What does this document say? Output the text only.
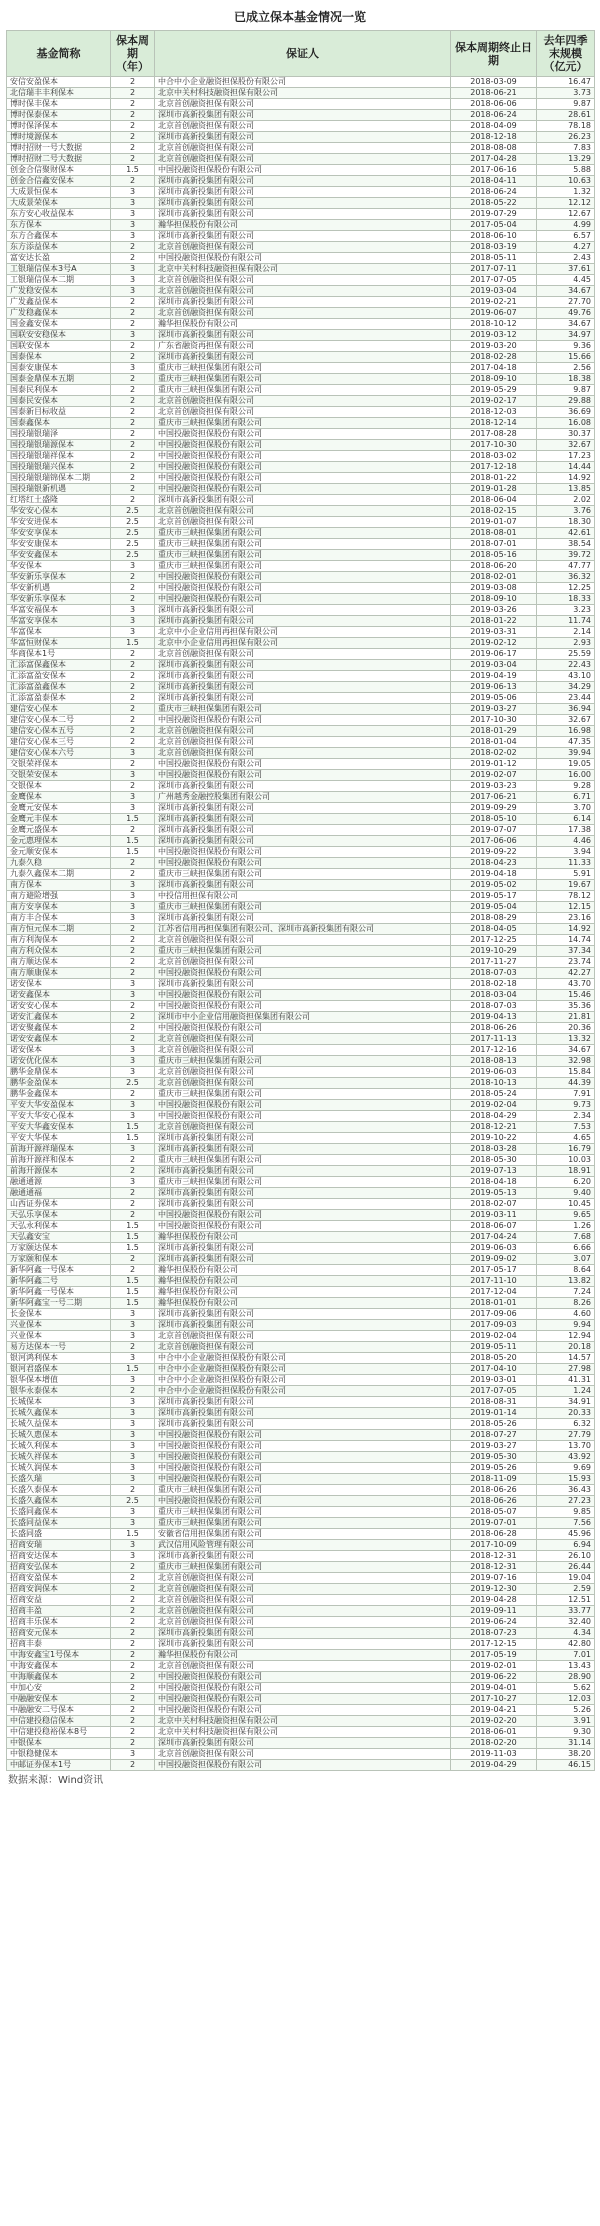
已成立保本基金情况一览
基金简称	保本周期（年）	保证人	保本周期终止日期	去年四季末规模（亿元）
安信安盈保本	2	中合中小企业融资担保股份有限公司	2018-03-09	16.47
北信瑞丰丰利保本	2	北京中关村科技融资担保有限公司	2018-06-21	3.73
博时保丰保本	2	北京首创融资担保有限公司	2018-06-06	9.87
博时保泰保本	2	深圳市高新投集团有限公司	2018-06-24	28.61
博时保泽保本	2	北京首创融资担保有限公司	2018-04-09	78.18
博时境源保本	2	深圳市高新投集团有限公司	2018-12-18	26.23
博时招财一号大数据	2	北京首创融资担保有限公司	2018-08-08	7.83
博时招财二号大数据	2	北京首创融资担保有限公司	2017-04-28	13.29
创金合信聚财保本	1.5	中国投融资担保股份有限公司	2017-06-16	5.88
创金合信鑫安保本	2	深圳市高新投集团有限公司	2018-04-11	10.63
大成景恒保本	3	深圳市高新投集团有限公司	2018-06-24	1.32
大成景荣保本	3	深圳市高新投集团有限公司	2018-05-22	12.12
东方安心收益保本	3	深圳市高新投集团有限公司	2019-07-29	12.67
东方保本	3	瀚华担保股份有限公司	2017-05-04	4.99
东方合鑫保本	3	深圳市高新投集团有限公司	2018-06-10	6.57
东方添益保本	2	北京首创融资担保有限公司	2018-03-19	4.27
富安达长盈	2	中国投融资担保股份有限公司	2018-05-11	2.43
工银瑞信保本3号A	3	北京中关村科技融资担保有限公司	2017-07-11	37.61
工银瑞信保本二期	3	北京首创融资担保有限公司	2017-07-05	4.45
广发稳安保本	3	北京首创融资担保有限公司	2019-03-04	34.67
广发鑫益保本	2	深圳市高新投集团有限公司	2019-02-21	27.70
广发稳鑫保本	2	北京首创融资担保有限公司	2019-06-07	49.76
国金鑫安保本	2	瀚华担保股份有限公司	2018-10-12	34.67
国联安安稳保本	3	深圳市高新投集团有限公司	2019-03-12	34.97
国联安保本	2	广东省融资再担保有限公司	2019-03-20	9.36
国泰保本	2	深圳市高新投集团有限公司	2018-02-28	15.66
国泰安康保本	3	重庆市三峡担保集团有限公司	2017-04-18	2.56
国泰金鼎保本五期	2	重庆市三峡担保集团有限公司	2018-09-10	18.38
国泰民利保本	2	重庆市三峡担保集团有限公司	2019-05-29	9.87
国泰民安保本	2	北京首创融资担保有限公司	2019-02-17	29.88
国泰新目标收益	2	北京首创融资担保有限公司	2018-12-03	36.69
国泰鑫保本	2	重庆市三峡担保集团有限公司	2018-12-14	16.08
国投瑞银瑞泽	2	中国投融资担保股份有限公司	2017-08-28	30.37
国投瑞银瑞源保本	2	中国投融资担保股份有限公司	2017-10-30	32.67
国投瑞银瑞祥保本	2	中国投融资担保股份有限公司	2018-03-02	17.23
国投瑞银瑞兴保本	2	中国投融资担保股份有限公司	2017-12-18	14.44
国投瑞银瑞锦保本二期	2	中国投融资担保股份有限公司	2018-01-22	14.92
国投瑞银新机遇	2	中国投融资担保股份有限公司	2019-01-28	13.85
红塔红土盛隆	2	深圳市高新投集团有限公司	2018-06-04	2.02
华安安心保本	2.5	北京首创融资担保有限公司	2018-02-15	3.76
华安安进保本	2.5	北京首创融资担保有限公司	2019-01-07	18.30
华安安享保本	2.5	重庆市三峡担保集团有限公司	2018-08-01	42.61
华安安康保本	2.5	重庆市三峡担保集团有限公司	2018-07-01	38.54
华安安鑫保本	2.5	重庆市三峡担保集团有限公司	2018-05-16	39.72
华安保本	3	重庆市三峡担保集团有限公司	2018-06-20	47.77
华安新乐享保本	2	中国投融资担保股份有限公司	2018-02-01	36.32
华安新机遇	2	中国投融资担保股份有限公司	2019-03-08	12.25
华安新乐享保本	2	中国投融资担保股份有限公司	2018-09-10	18.33
华富安福保本	3	深圳市高新投集团有限公司	2019-03-26	3.23
华富安享保本	3	深圳市高新投集团有限公司	2018-01-22	11.74
华富保本	3	北京中小企业信用再担保有限公司	2019-03-31	2.14
华富恒财保本	1.5	北京中小企业信用再担保有限公司	2019-02-12	2.93
华商保本1号	2	北京首创融资担保有限公司	2019-06-17	25.59
汇添富保鑫保本	2	深圳市高新投集团有限公司	2019-03-04	22.43
汇添富盈安保本	2	深圳市高新投集团有限公司	2019-04-19	43.10
汇添富盈鑫保本	2	深圳市高新投集团有限公司	2019-06-13	34.29
汇添富盈泰保本	2	深圳市高新投集团有限公司	2019-05-06	23.44
建信安心保本	2	重庆市三峡担保集团有限公司	2019-03-27	36.94
建信安心保本二号	2	中国投融资担保股份有限公司	2017-10-30	32.67
建信安心保本五号	2	北京首创融资担保有限公司	2018-01-29	16.98
建信安心保本三号	2	北京首创融资担保有限公司	2018-01-04	47.35
建信安心保本六号	3	北京首创融资担保有限公司	2018-02-02	39.94
交银荣祥保本	2	中国投融资担保股份有限公司	2019-01-12	19.05
交银荣安保本	3	中国投融资担保股份有限公司	2019-02-07	16.00
交银保本	2	深圳市高新投集团有限公司	2019-03-23	9.28
金鹰保本	3	广州越秀金融控股集团有限公司	2017-06-21	6.71
金鹰元安保本	3	深圳市高新投集团有限公司	2019-09-29	3.70
金鹰元丰保本	1.5	深圳市高新投集团有限公司	2018-05-10	6.14
金鹰元盛保本	2	深圳市高新投集团有限公司	2019-07-07	17.38
金元惠理保本	1.5	深圳市高新投集团有限公司	2017-06-06	4.46
金元顺安保本	1.5	中国投融资担保股份有限公司	2019-09-22	3.94
九泰久稳	2	中国投融资担保股份有限公司	2018-04-23	11.33
九泰久鑫保本二期	2	重庆市三峡担保集团有限公司	2019-04-18	5.91
南方保本	3	深圳市高新投集团有限公司	2019-05-02	19.67
南方避险增强	3	中投信用担保有限公司	2019-05-17	78.12
南方安享保本	3	重庆市三峡担保集团有限公司	2019-05-04	12.15
南方丰合保本	3	深圳市高新投集团有限公司	2018-08-29	23.16
南方恒元保本二期	2	江苏省信用再担保集团有限公司、深圳市高新投集团有限公司	2018-04-05	14.92
南方利淘保本	2	北京首创融资担保有限公司	2017-12-25	14.74
南方利众保本	2	重庆市三峡担保集团有限公司	2019-10-29	37.34
南方顺达保本	2	北京首创融资担保有限公司	2017-11-27	23.74
南方顺康保本	2	中国投融资担保股份有限公司	2018-07-03	42.27
诺安保本	3	深圳市高新投集团有限公司	2018-02-18	43.70
诺安鑫保本	3	中国投融资担保股份有限公司	2018-03-04	15.46
诺安安心保本	2	中国投融资担保股份有限公司	2018-07-03	35.36
诺安汇鑫保本	2	深圳市中小企业信用融资担保集团有限公司	2019-04-13	21.81
诺安聚鑫保本	2	中国投融资担保股份有限公司	2018-06-26	20.36
诺安安鑫保本	2	北京首创融资担保有限公司	2017-11-13	13.32
诺安保本	3	北京首创融资担保有限公司	2017-12-16	34.67
诺安优化保本	3	重庆市三峡担保集团有限公司	2018-08-13	32.98
鹏华金鼎保本	3	北京首创融资担保有限公司	2019-06-03	15.84
鹏华金盈保本	2.5	北京首创融资担保有限公司	2018-10-13	44.39
鹏华金鑫保本	2	重庆市三峡担保集团有限公司	2018-05-24	7.91
平安大华安盈保本	3	中国投融资担保股份有限公司	2019-02-04	9.73
平安大华安心保本	3	中国投融资担保股份有限公司	2018-04-29	2.34
平安大华鑫安保本	1.5	北京首创融资担保有限公司	2018-12-21	7.53
平安大华保本	1.5	深圳市高新投集团有限公司	2019-10-22	4.65
前海开源祥瑞保本	3	深圳市高新投集团有限公司	2018-03-28	16.79
前海开源祥和保本	2	重庆市三峡担保集团有限公司	2018-05-30	10.03
前海开源保本	2	深圳市高新投集团有限公司	2019-07-13	18.91
融通通源	3	重庆市三峡担保集团有限公司	2018-04-18	6.20
融通通福	2	深圳市高新投集团有限公司	2019-05-13	9.40
山西证券保本	2	深圳市高新投集团有限公司	2018-02-07	10.45
天弘乐享保本	2	中国投融资担保股份有限公司	2019-03-11	9.65
天弘永利保本	1.5	中国投融资担保股份有限公司	2018-06-07	1.26
天弘鑫安宝	1.5	瀚华担保股份有限公司	2017-04-24	7.68
万家颐达保本	1.5	深圳市高新投集团有限公司	2019-06-03	6.66
万家颐和保本	2	深圳市高新投集团有限公司	2019-09-02	3.07
新华阿鑫一号保本	2	瀚华担保股份有限公司	2017-05-17	8.64
新华阿鑫二号	1.5	瀚华担保股份有限公司	2017-11-10	13.82
新华阿鑫一号保本	1.5	瀚华担保股份有限公司	2017-12-04	7.24
新华阿鑫宝一号二期	1.5	瀚华担保股份有限公司	2018-01-01	8.26
长金保本	3	深圳市高新投集团有限公司	2017-09-06	4.60
兴业保本	3	深圳市高新投集团有限公司	2017-09-03	9.94
兴业保本	3	北京首创融资担保有限公司	2019-02-04	12.94
易方达保本一号	2	北京首创融资担保有限公司	2019-05-11	20.18
银河鸿利保本	3	中合中小企业融资担保股份有限公司	2018-05-20	14.57
银河君盛保本	1.5	中合中小企业融资担保股份有限公司	2017-04-10	27.98
银华保本增值	3	中合中小企业融资担保股份有限公司	2019-03-01	41.31
银华永泰保本	2	中合中小企业融资担保股份有限公司	2017-07-05	1.24
长城保本	3	深圳市高新投集团有限公司	2018-08-31	34.91
长城久鑫保本	3	深圳市高新投集团有限公司	2019-01-14	20.33
长城久益保本	3	深圳市高新投集团有限公司	2018-05-26	6.32
长城久惠保本	3	中国投融资担保股份有限公司	2018-07-27	27.79
长城久利保本	3	中国投融资担保股份有限公司	2019-03-27	13.70
长城久祥保本	3	中国投融资担保股份有限公司	2019-05-30	43.92
长城久润保本	3	中国投融资担保股份有限公司	2019-05-26	9.69
长盛久瑞	3	中国投融资担保股份有限公司	2018-11-09	15.93
长盛久泰保本	2	重庆市三峡担保集团有限公司	2018-06-26	36.43
长盛久鑫保本	2.5	中国投融资担保股份有限公司	2018-06-26	27.23
长盛同鑫保本	3	重庆市三峡担保集团有限公司	2018-05-07	9.85
长盛同益保本	3	重庆市三峡担保集团有限公司	2019-07-01	7.56
长盛同盛	1.5	安徽省信用担保集团有限公司	2018-06-28	45.96
招商安瑞	3	武汉信用风险管理有限公司	2017-10-09	6.94
招商安达保本	3	深圳市高新投集团有限公司	2018-12-31	26.10
招商安弘保本	2	重庆市三峡担保集团有限公司	2018-12-31	26.44
招商安盈保本	2	北京首创融资担保有限公司	2019-07-16	19.04
招商安润保本	2	北京首创融资担保有限公司	2019-12-30	2.59
招商安益	2	北京首创融资担保有限公司	2019-04-28	12.51
招商丰盈	2	北京首创融资担保有限公司	2019-09-11	33.77
招商丰乐保本	2	北京首创融资担保有限公司	2019-06-24	32.40
招商安元保本	2	深圳市高新投集团有限公司	2018-07-23	4.34
招商丰泰	2	深圳市高新投集团有限公司	2017-12-15	42.80
中海安鑫宝1号保本	2	瀚华担保股份有限公司	2017-05-19	7.01
中海安鑫保本	2	北京首创融资担保有限公司	2019-02-01	13.43
中海顺鑫保本	2	中国投融资担保股份有限公司	2019-06-22	28.90
中加心安	2	中国投融资担保股份有限公司	2019-04-01	5.62
中融融安保本	2	中国投融资担保股份有限公司	2017-10-27	12.03
中融融安二号保本	2	中国投融资担保股份有限公司	2019-04-21	5.26
中信建投稳信保本	2	北京中关村科技融资担保有限公司	2019-02-20	3.91
中信建投稳裕保本8号	2	北京中关村科技融资担保有限公司	2018-06-01	9.30
中银保本	2	深圳市高新投集团有限公司	2018-02-20	31.14
中银稳健保本	3	北京首创融资担保有限公司	2019-11-03	38.20
中邮证券保本1号	2	中国投融资担保股份有限公司	2019-04-29	46.15
数据来源：Wind资讯
